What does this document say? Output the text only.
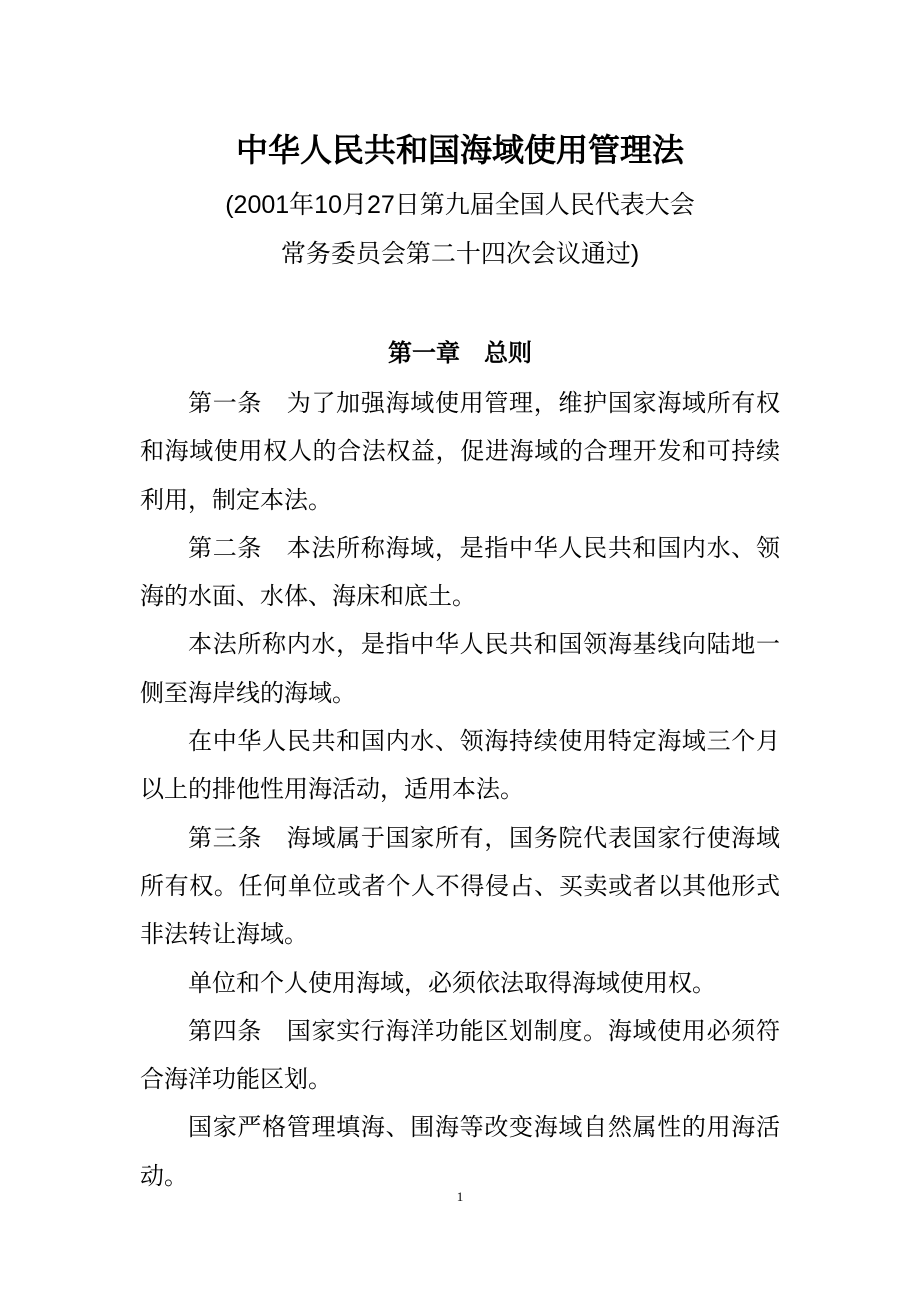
中华人民共和国海域使用管理法
(2001年10月27日第九届全国人民代表大会
常务委员会第二十四次会议通过)
第一章　总则

第一条　为了加强海域使用管理，维护国家海域所有权和海域使用权人的合法权益，促进海域的合理开发和可持续利用，制定本法。

第二条　本法所称海域，是指中华人民共和国内水、领海的水面、水体、海床和底土。

本法所称内水，是指中华人民共和国领海基线向陆地一侧至海岸线的海域。

在中华人民共和国内水、领海持续使用特定海域三个月以上的排他性用海活动，适用本法。

第三条　海域属于国家所有，国务院代表国家行使海域所有权。任何单位或者个人不得侵占、买卖或者以其他形式非法转让海域。

单位和个人使用海域，必须依法取得海域使用权。

第四条　国家实行海洋功能区划制度。海域使用必须符合海洋功能区划。

国家严格管理填海、围海等改变海域自然属性的用海活动。

1
